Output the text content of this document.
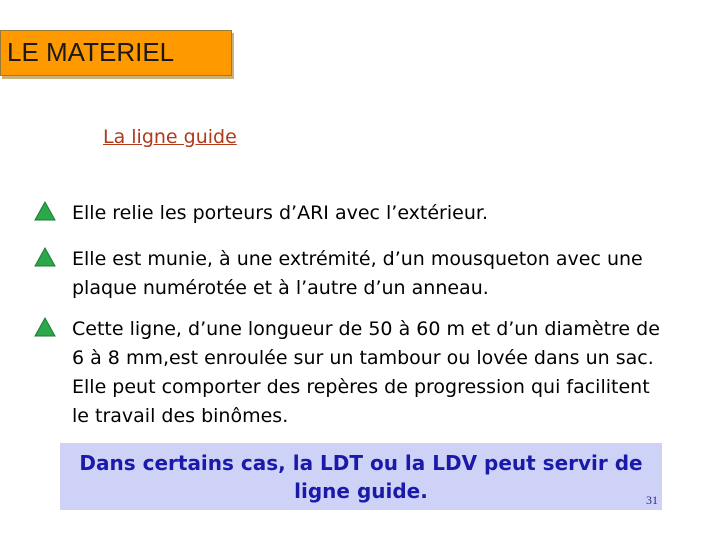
LE MATERIEL
La ligne guide
Elle relie les porteurs d’ARI avec l’extérieur.
Elle est munie, à une extrémité, d’un mousqueton avec une plaque numérotée et à l’autre d’un anneau.
Cette ligne, d’une longueur de 50 à 60 m et d’un diamètre de 6 à 8 mm,est enroulée sur un tambour ou lovée dans un sac. Elle peut comporter des repères de progression qui facilitent le travail des binômes.
Dans certains cas, la LDT ou la LDV peut servir de ligne guide.	31
